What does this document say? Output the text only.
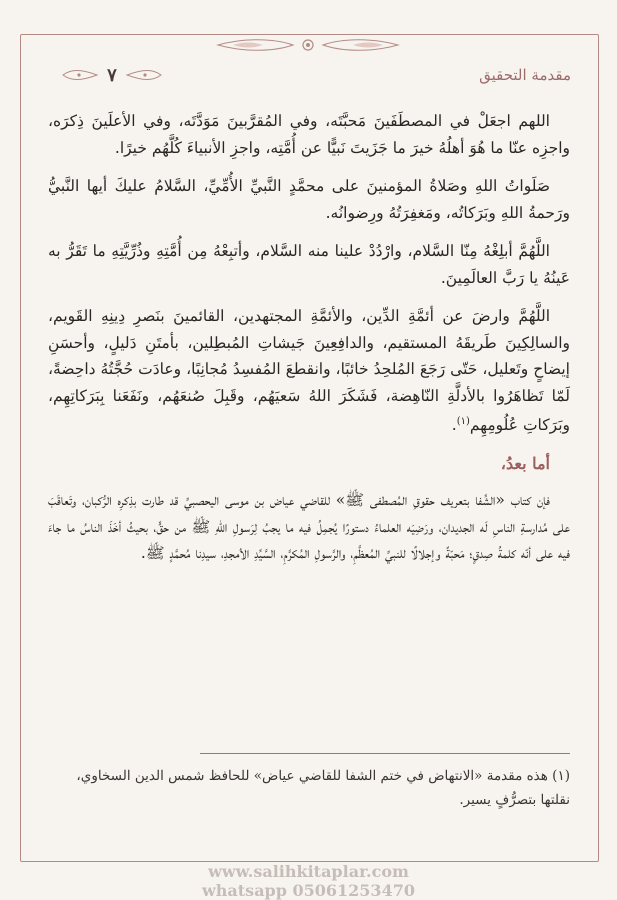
٧	مقدمة التحقيق

اللهم اجعَلْ في المصطَفَينَ مَحبَّتَه، وفي المُقرَّبينَ مَوَدَّتَه، وفي الأعلَينَ ذِكرَه، واجزِه عنّا ما هُوَ أهلُهُ خيرَ ما جَزَيتَ نَبيًّا عن أُمَّتِه، واجزِ الأنبياءَ كُلَّهُم خيرًا.

صَلَواتُ اللهِ وصَلاةُ المؤمنينَ على محمَّدٍ النَّبيِّ الأُمِّيِّ، السَّلامُ عليكَ أيها النَّبيُّ ورَحمةُ اللهِ وبَرَكاتُه، ومَغفِرَتُهُ ورِضوانُه.

اللَّهُمَّ أبلِغْهُ مِنّا السَّلام، وارْدُدْ علينا منه السَّلام، وأتبِعْهُ مِن أُمَّتِهِ وذُرِّيَّتِهِ ما تَقَرُّ به عَينُهُ يا رَبَّ العالَمِينَ.

اللَّهُمَّ وارضَ عن أئمَّةِ الدِّين، والأئمَّةِ المجتهدين، القائمينَ بنَصرِ دِينِهِ القَويم، والسالِكِينَ طَريقَهُ المستقيم، والدافِعِينَ جَيشاتِ المُبطِلين، بأمتَنِ دَليلٍ، وأحسَنِ إيضاحٍ وتَعليل، حَتّى رَجَعَ المُلحِدُ خائبًا، وانقطعَ المُفسِدُ مُجانِبًا، وعادَت حُجَّتُهُ داحِضةً، لَمّا تَظاهَرُوا بالأدلَّةِ النّاهِضة، فَشَكَرَ اللهُ سَعيَهُم، وقَبِلَ صُنعَهُم، ونَفَعَنا بِبَرَكاتِهِم، وبَرَكاتِ عُلُومِهِم$^{(١)}$.

أما بعدُ،

فإن كتاب «الشِّفا بتعريف حقوقِ المُصطفى ﷺ» للقاضي عياض بن موسى اليحصبيِّ قد طارت بذِكرِه الرُّكبان، وتَعاقَبَ على مُدارسةِ الناسِ لَه الجديدان، ورَضِيَه العلماءُ دستورًا يُجمِلُ فيه ما يجبُ لِرَسولِ اللهِ ﷺ من حقٍّ، بحيثُ أخَذَ الناسُ ما جاءَ فيه على أنّه كلمةُ صِدقٍ؛ مَحبّةً وإجلالًا للنبيِّ المُعظَّمِ، والرَّسولِ المُكرَّمِ، السَّيِّدِ الأمجدِ، سيدِنا مُحمَّدٍ ﷺ.

(١) هذه مقدمة «الانتهاض في ختم الشفا للقاضي عياض» للحافظ شمس الدين السخاوي، نقلتها بتصرُّفٍ يسير.
www.salihkitaplar.com
whatsapp 05061253470
